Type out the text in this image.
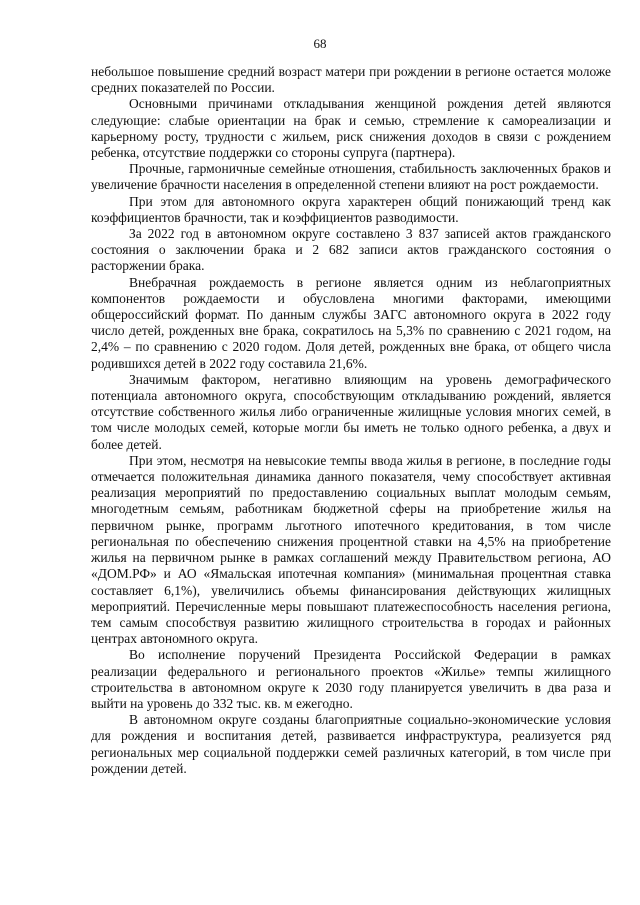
68

небольшое повышение средний возраст матери при рождении в регионе остается моложе средних показателей по России.

Основными причинами откладывания женщиной рождения детей являются следующие: слабые ориентации на брак и семью, стремление к самореализации и карьерному росту, трудности с жильем, риск снижения доходов в связи с рождением ребенка, отсутствие поддержки со стороны супруга (партнера).

Прочные, гармоничные семейные отношения, стабильность заключенных браков и увеличение брачности населения в определенной степени влияют на рост рождаемости.

При этом для автономного округа характерен общий понижающий тренд как коэффициентов брачности, так и коэффициентов разводимости.

За 2022 год в автономном округе составлено 3 837 записей актов гражданского состояния о заключении брака и 2 682 записи актов гражданского состояния о расторжении брака.

Внебрачная рождаемость в регионе является одним из неблагоприятных компонентов рождаемости и обусловлена многими факторами, имеющими общероссийский формат. По данным службы ЗАГС автономного округа в 2022 году число детей, рожденных вне брака, сократилось на 5,3% по сравнению с 2021 годом, на 2,4% – по сравнению с 2020 годом. Доля детей, рожденных вне брака, от общего числа родившихся детей в 2022 году составила 21,6%.

Значимым фактором, негативно влияющим на уровень демографического потенциала автономного округа, способствующим откладыванию рождений, является отсутствие собственного жилья либо ограниченные жилищные условия многих семей, в том числе молодых семей, которые могли бы иметь не только одного ребенка, а двух и более детей.

При этом, несмотря на невысокие темпы ввода жилья в регионе, в последние годы отмечается положительная динамика данного показателя, чему способствует активная реализация мероприятий по предоставлению социальных выплат молодым семьям, многодетным семьям, работникам бюджетной сферы на приобретение жилья на первичном рынке, программ льготного ипотечного кредитования, в том числе региональная по обеспечению снижения процентной ставки на 4,5% на приобретение жилья на первичном рынке в рамках соглашений между Правительством региона, АО «ДОМ.РФ» и АО «Ямальская ипотечная компания» (минимальная процентная ставка составляет 6,1%), увеличились объемы финансирования действующих жилищных мероприятий. Перечисленные меры повышают платежеспособность населения региона, тем самым способствуя развитию жилищного строительства в городах и районных центрах автономного округа.

Во исполнение поручений Президента Российской Федерации в рамках реализации федерального и регионального проектов «Жилье» темпы жилищного строительства в автономном округе к 2030 году планируется увеличить в два раза и выйти на уровень до 332 тыс. кв. м ежегодно.

В автономном округе созданы благоприятные социально-экономические условия для рождения и воспитания детей, развивается инфраструктура, реализуется ряд региональных мер социальной поддержки семей различных категорий, в том числе при рождении детей.
